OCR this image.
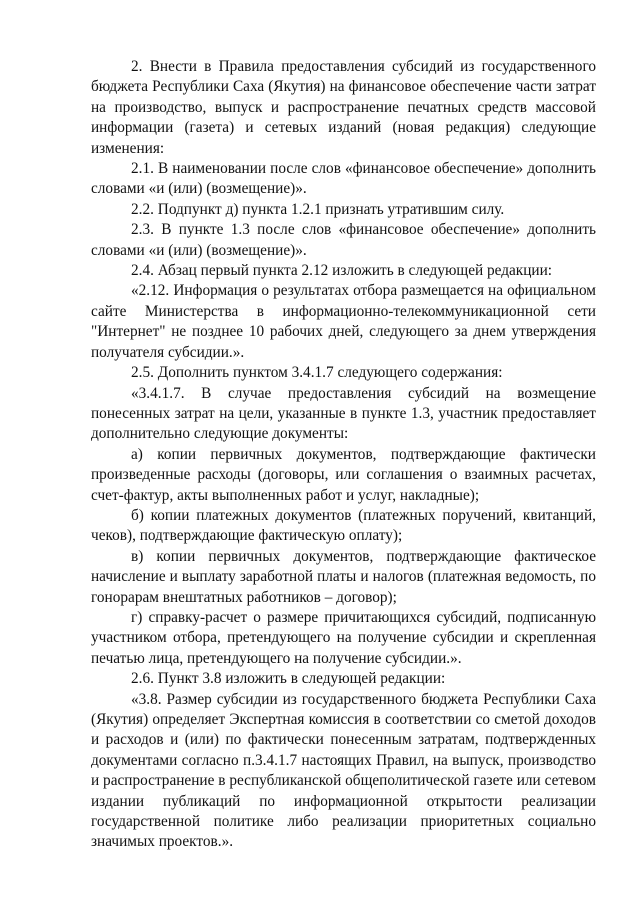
2. Внести в Правила предоставления субсидий из государственного бюджета Республики Саха (Якутия) на финансовое обеспечение части затрат на производство, выпуск и распространение печатных средств массовой информации (газета) и сетевых изданий (новая редакция) следующие изменения:

2.1. В наименовании после слов «финансовое обеспечение» дополнить словами «и (или) (возмещение)».

2.2. Подпункт д) пункта 1.2.1 признать утратившим силу.

2.3. В пункте 1.3 после слов «финансовое обеспечение» дополнить словами «и (или) (возмещение)».

2.4. Абзац первый пункта 2.12 изложить в следующей редакции:

«2.12. Информация о результатах отбора размещается на официальном сайте Министерства в информационно-телекоммуникационной сети "Интернет" не позднее 10 рабочих дней, следующего за днем утверждения получателя субсидии.».

2.5. Дополнить пунктом 3.4.1.7 следующего содержания:

«3.4.1.7. В случае предоставления субсидий на возмещение понесенных затрат на цели, указанные в пункте 1.3, участник предоставляет дополнительно следующие документы:

а) копии первичных документов, подтверждающие фактически произведенные расходы (договоры, или соглашения о взаимных расчетах, счет-фактур, акты выполненных работ и услуг, накладные);

б) копии платежных документов (платежных поручений, квитанций, чеков), подтверждающие фактическую оплату);

в) копии первичных документов, подтверждающие фактическое начисление и выплату заработной платы и налогов (платежная ведомость, по гонорарам внештатных работников – договор);

г) справку-расчет о размере причитающихся субсидий, подписанную участником отбора, претендующего на получение субсидии и скрепленная печатью лица, претендующего на получение субсидии.».

2.6. Пункт 3.8 изложить в следующей редакции:

«3.8. Размер субсидии из государственного бюджета Республики Саха (Якутия) определяет Экспертная комиссия в соответствии со сметой доходов и расходов и (или) по фактически понесенным затратам, подтвержденных документами согласно п.3.4.1.7 настоящих Правил, на выпуск, производство и распространение в республиканской общеполитической газете или сетевом издании публикаций по информационной открытости реализации государственной политике либо реализации приоритетных социально значимых проектов.».
